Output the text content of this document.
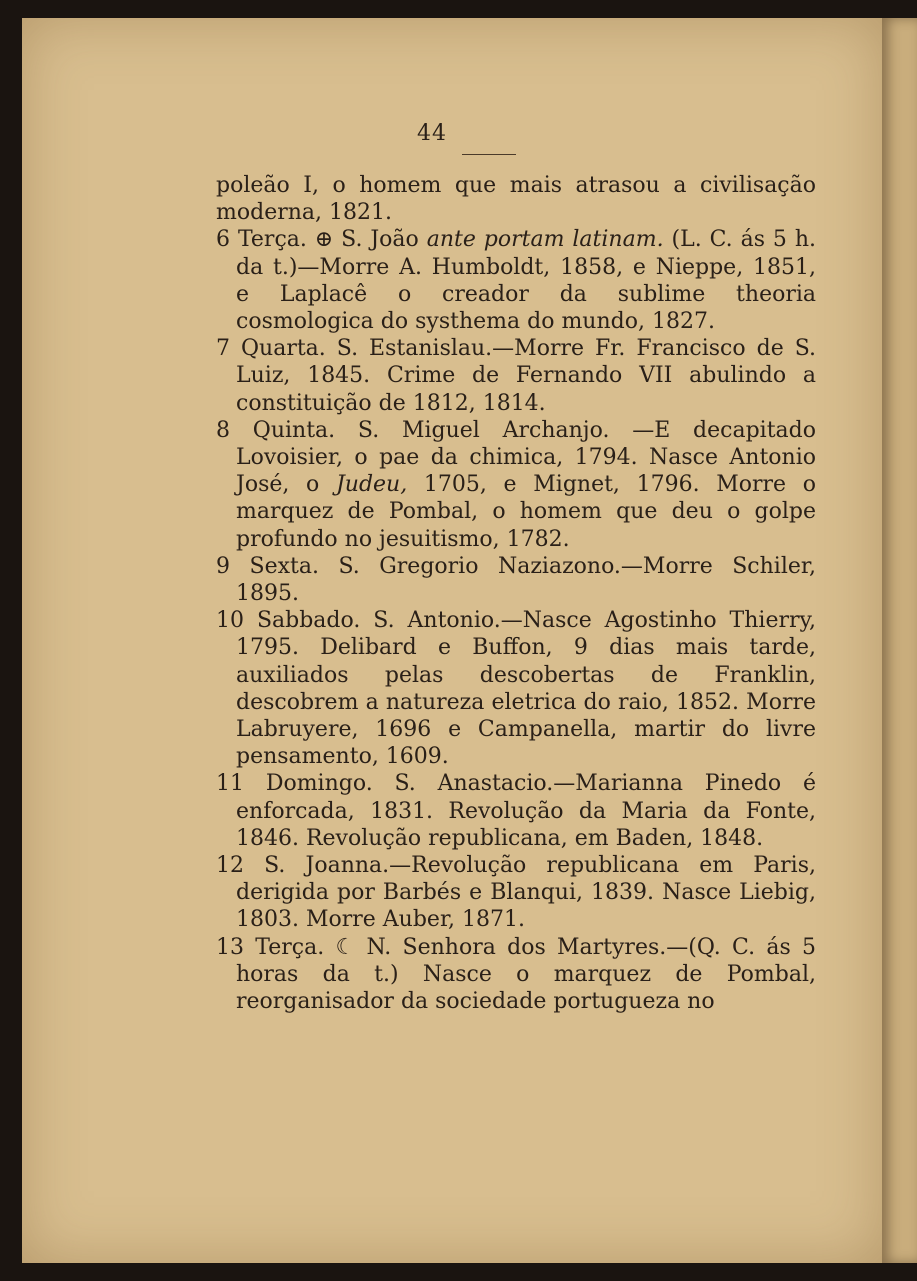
44

poleão I, o homem que mais atrasou a civilisação moderna, 1821.

6 Terça. ⊕ S. João ante portam latinam. (L. C. ás 5 h. da t.)—Morre A. Humboldt, 1858, e Nieppe, 1851, e Laplacê o creador da sublime theoria cosmologica do systhema do mundo, 1827.

7 Quarta. S. Estanislau.—Morre Fr. Francisco de S. Luiz, 1845. Crime de Fernando VII abulindo a constituição de 1812, 1814.

8 Quinta. S. Miguel Archanjo. —E decapitado Lovoisier, o pae da chimica, 1794. Nasce Antonio José, o Judeu, 1705, e Mignet, 1796. Morre o marquez de Pombal, o homem que deu o golpe profundo no jesuitismo, 1782.

9 Sexta. S. Gregorio Naziazono.—Morre Schiler, 1895.

10 Sabbado. S. Antonio.—Nasce Agostinho Thierry, 1795. Delibard e Buffon, 9 dias mais tarde, auxiliados pelas descobertas de Franklin, descobrem a natureza eletrica do raio, 1852. Morre Labruyere, 1696 e Campanella, martir do livre pensamento, 1609.

11 Domingo. S. Anastacio.—Marianna Pinedo é enforcada, 1831. Revolução da Maria da Fonte, 1846. Revolução republicana, em Baden, 1848.

12 S. Joanna.—Revolução republicana em Paris, derigida por Barbés e Blanqui, 1839. Nasce Liebig, 1803. Morre Auber, 1871.

13 Terça. ☾ N. Senhora dos Martyres.—(Q. C. ás 5 horas da t.) Nasce o marquez de Pombal, reorganisador da sociedade portugueza no
